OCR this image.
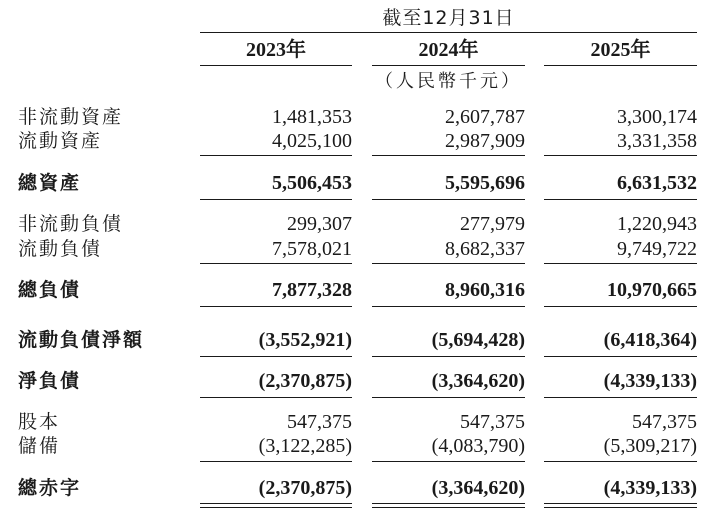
截至12月31日
2023年	2024年	2025年
（人民幣千元）
非流動資產	1,481,353	2,607,787	3,300,174
流動資產	4,025,100	2,987,909	3,331,358
總資產	5,506,453	5,595,696	6,631,532
非流動負債	299,307	277,979	1,220,943
流動負債	7,578,021	8,682,337	9,749,722
總負債	7,877,328	8,960,316	10,970,665
流動負債淨額	(3,552,921)	(5,694,428)	(6,418,364)
淨負債	(2,370,875)	(3,364,620)	(4,339,133)
股本	547,375	547,375	547,375
儲備	(3,122,285)	(4,083,790)	(5,309,217)
總赤字	(2,370,875)	(3,364,620)	(4,339,133)
